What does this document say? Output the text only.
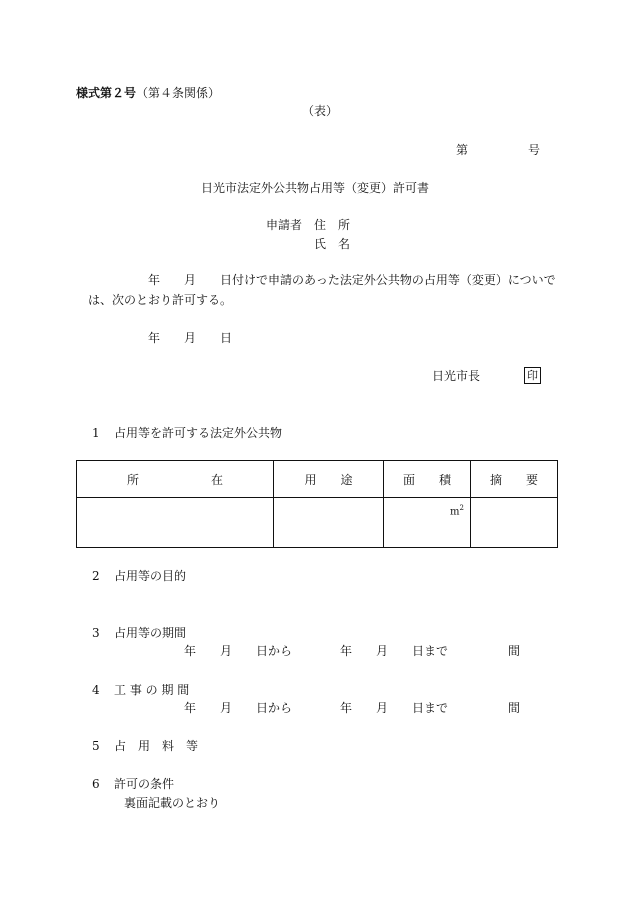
様式第２号（第４条関係）
（表）
第	号
日光市法定外公共物占用等（変更）許可書
申請者 住　所
氏　名
年　　月　　日付けで申請のあった法定外公共物の占用等（変更）についで
は、次のとおり許可する。
年　　月　　日
日光市長	印
1 占用等を許可する法定外公共物
所　　　　　　在	用　　途	面　　積	摘　　要

		$m^2$

2 占用等の目的
3 占用等の期間
年　　月　　日から　　　　年　　月　　日まで　　　　　間
4 工 事 の 期 間
年　　月　　日から　　　　年　　月　　日まで　　　　　間
5 占　用　料　等
6 許可の条件
裏面記載のとおり
